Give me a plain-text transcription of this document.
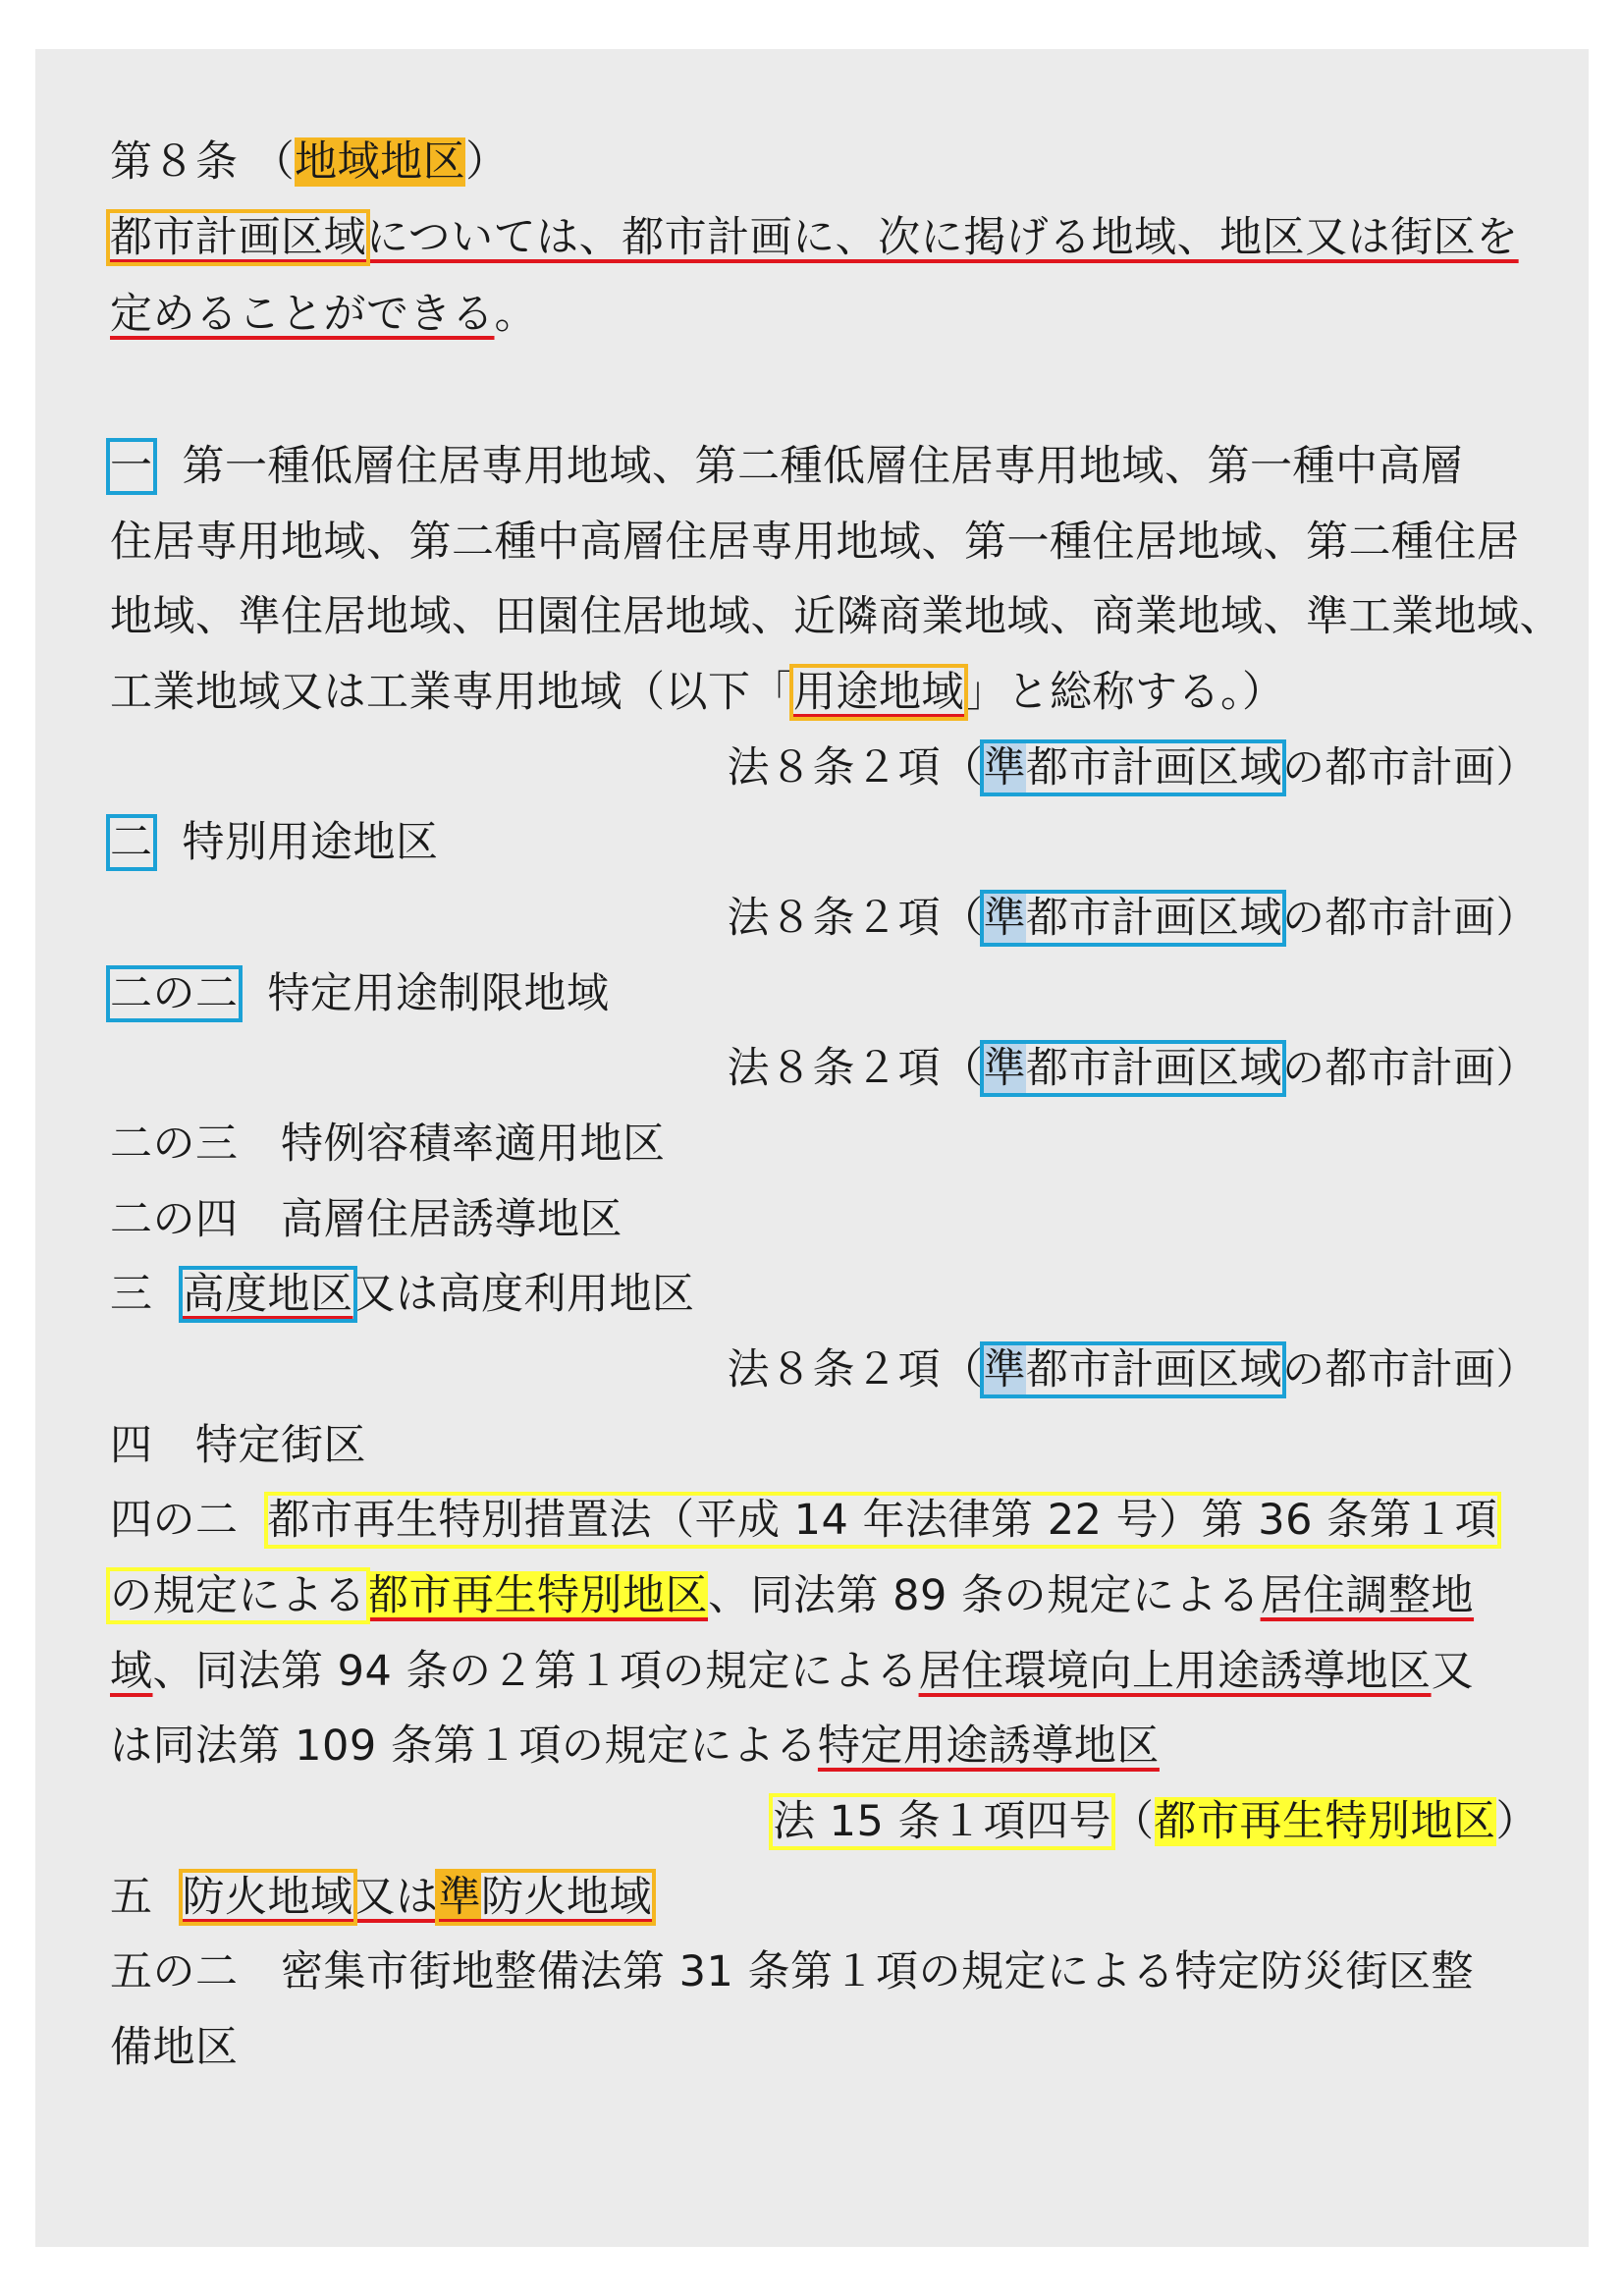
第８条 （地域地区）
都市計画区域については、都市計画に、次に掲げる地域、地区又は街区を
定めることができる。
一 第一種低層住居専用地域、第二種低層住居専用地域、第一種中高層
住居専用地域、第二種中高層住居専用地域、第一種住居地域、第二種住居
地域、準住居地域、田園住居地域、近隣商業地域、商業地域、準工業地域、
工業地域又は工業専用地域（以下「用途地域」と総称する。）
法８条２項（準都市計画区域の都市計画）
二 特別用途地区
法８条２項（準都市計画区域の都市計画）
二の二 特定用途制限地域
法８条２項（準都市計画区域の都市計画）
二の三　特例容積率適用地区
二の四　高層住居誘導地区
三 高度地区又は高度利用地区
法８条２項（準都市計画区域の都市計画）
四　特定街区
四の二 都市再生特別措置法（平成 14 年法律第 22 号）第 36 条第１項
の規定による都市再生特別地区、同法第 89 条の規定による居住調整地
域、同法第 94 条の２第１項の規定による居住環境向上用途誘導地区又
は同法第 109 条第１項の規定による特定用途誘導地区
法 15 条１項四号（都市再生特別地区）
五 防火地域又は準防火地域
五の二　密集市街地整備法第 31 条第１項の規定による特定防災街区整
備地区
